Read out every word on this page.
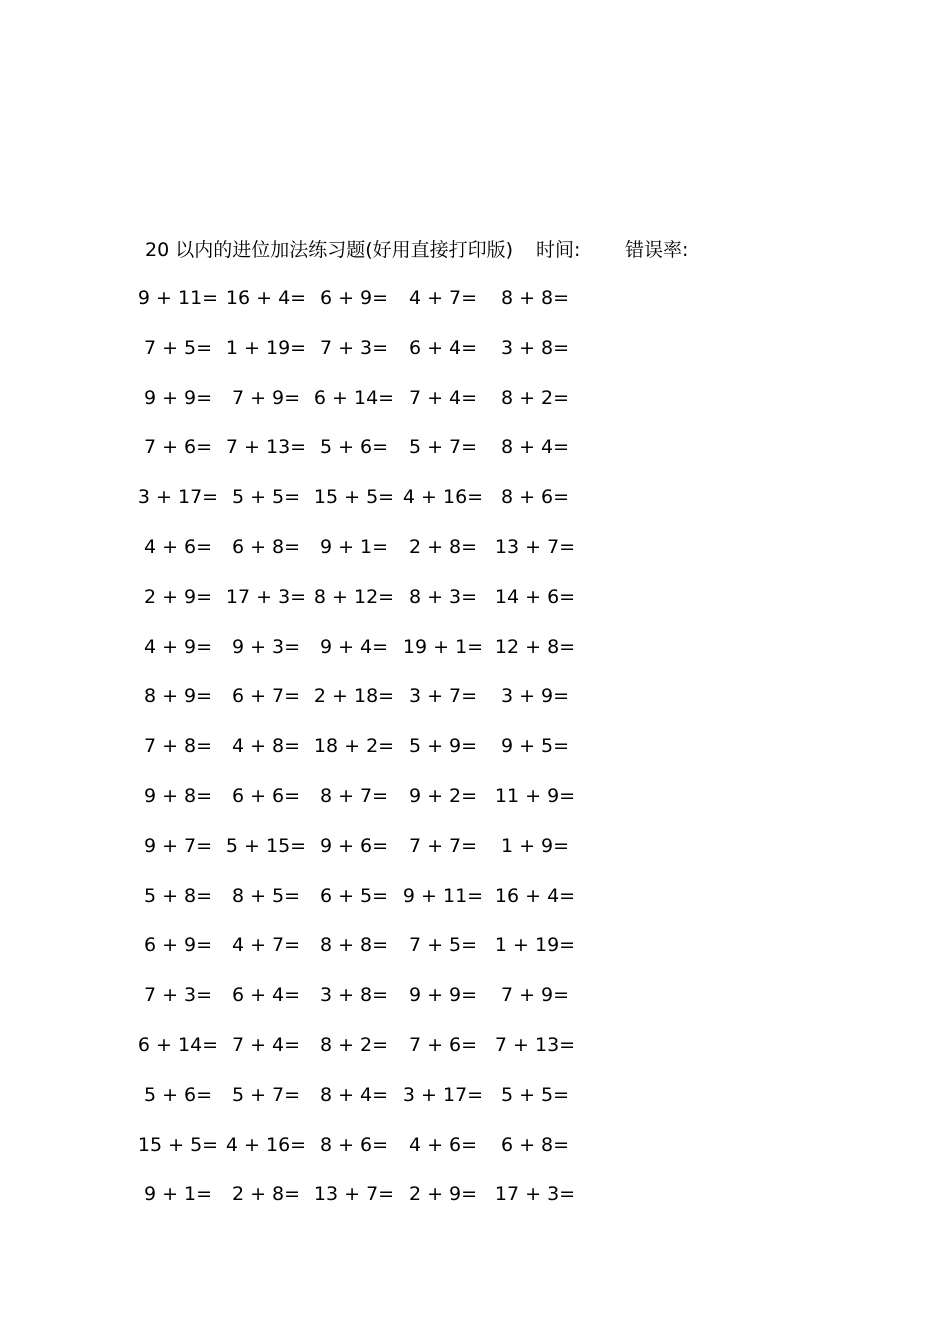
20 以内的进位加法练习题(好用直接打印版) 时间: 错误率:
9 + 11= 16 + 4= 6 + 9=	4 + 7=	8 + 8=
7 + 5= 1 + 19= 7 + 3=	6 + 4=	3 + 8=
9 + 9=	7 + 9= 6 + 14= 7 + 4=	8 + 2=
7 + 6= 7 + 13= 5 + 6=	5 + 7=	8 + 4=
3 + 17= 5 + 5= 15 + 5= 4 + 16= 8 + 6=
4 + 6=	6 + 8=	9 + 1=	2 + 8= 13 + 7=
2 + 9= 17 + 3= 8 + 12= 8 + 3= 14 + 6=
4 + 9=	9 + 3=	9 + 4= 19 + 1= 12 + 8=
8 + 9=	6 + 7= 2 + 18= 3 + 7=	3 + 9=
7 + 8=	4 + 8= 18 + 2= 5 + 9=	9 + 5=
9 + 8=	6 + 6=	8 + 7=	9 + 2= 11 + 9=
9 + 7= 5 + 15= 9 + 6=	7 + 7=	1 + 9=
5 + 8=	8 + 5=	6 + 5= 9 + 11= 16 + 4=
6 + 9=	4 + 7=	8 + 8=	7 + 5= 1 + 19=
7 + 3=	6 + 4=	3 + 8=	9 + 9=	7 + 9=
6 + 14= 7 + 4=	8 + 2=	7 + 6= 7 + 13=
5 + 6=	5 + 7=	8 + 4= 3 + 17= 5 + 5=
15 + 5= 4 + 16= 8 + 6=	4 + 6=	6 + 8=
9 + 1=	2 + 8= 13 + 7= 2 + 9= 17 + 3=
